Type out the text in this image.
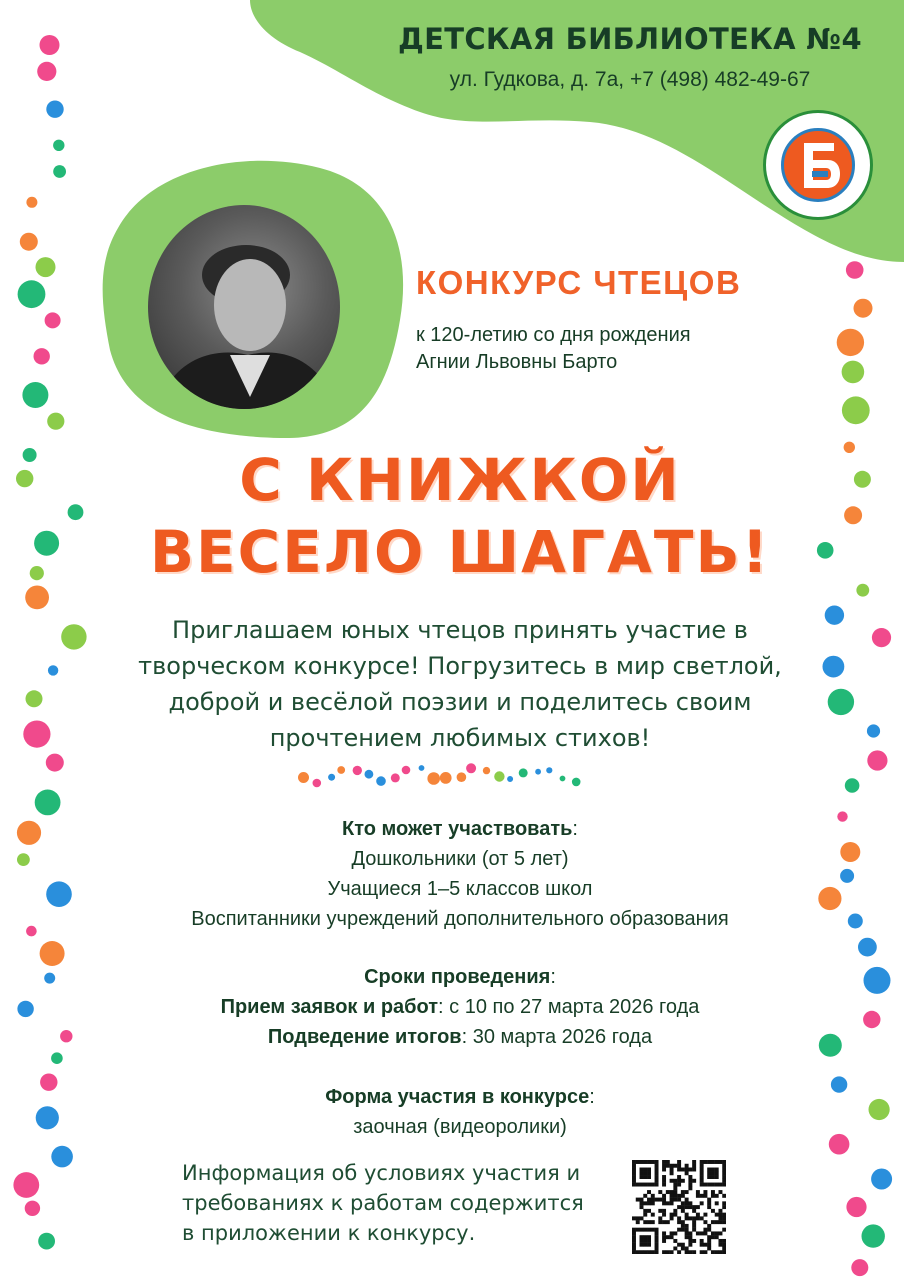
ДЕТСКАЯ БИБЛИОТЕКА №4
ул. Гудкова, д. 7а, +7 (498) 482-49-67
КОНКУРС ЧТЕЦОВ
к 120-летию со дня рождения
Агнии Львовны Барто
С КНИЖКОЙ
ВЕСЕЛО ШАГАТЬ!
Приглашаем юных чтецов принять участие в
творческом конкурсе! Погрузитесь в мир светлой,
доброй и весёлой поэзии и поделитесь своим
прочтением любимых стихов!
Кто может участвовать:
Дошкольники (от 5 лет)
Учащиеся 1–5 классов школ
Воспитанники учреждений дополнительного образования
Сроки проведения:
Прием заявок и работ: с 10 по 27 марта 2026 года
Подведение итогов: 30 марта 2026 года
Форма участия в конкурсе:
заочная (видеоролики)
Информация об условиях участия и
требованиях к работам содержится
в приложении к конкурсу.
